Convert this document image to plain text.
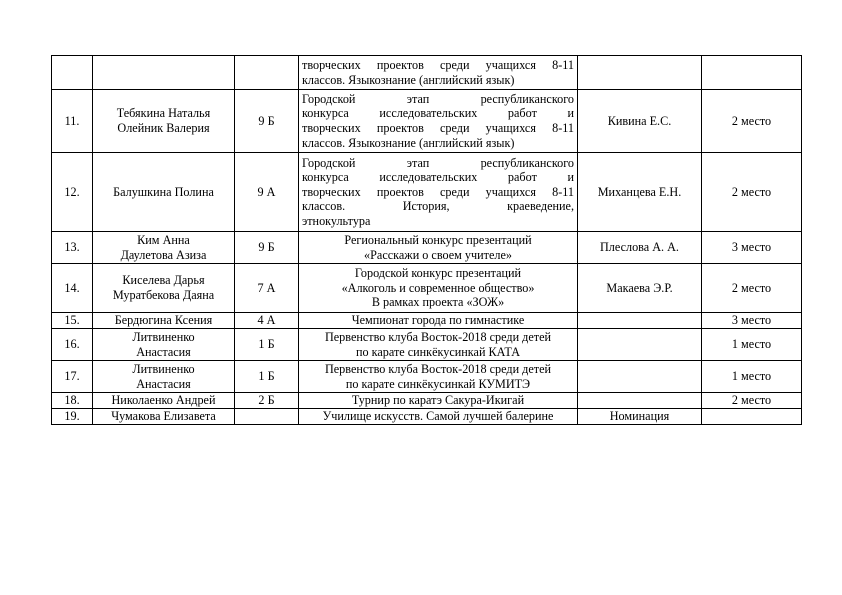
			творческих проектов среди учащихся 8-11
классов. Языкознание (английский язык)		

11.	Тебякина Наталья
Олейник Валерия	9 Б	Городской этап республиканского
конкурса исследовательских работ и
творческих проектов среди учащихся 8-11
классов. Языкознание (английский язык)	Кивина Е.С.	2 место
12.	Балушкина Полина	9 А	Городской этап республиканского
конкурса исследовательских работ и
творческих проектов среди учащихся 8-11
классов. История, краеведение,
этнокультура	Миханцева Е.Н.	2 место
13.	Ким Анна
Даулетова Азиза	9 Б	Региональный конкурс презентаций
«Расскажи о своем учителе»	Плеслова А. А.	3 место
14.	Киселева Дарья
Муратбекова Даяна	7 А	Городской конкурс презентаций
«Алкоголь и современное общество»
В рамках проекта «ЗОЖ»	Макаева Э.Р.	2 место
15.	Бердюгина Ксения	4 А	Чемпионат города по гимнастике		3 место
16.	Литвиненко
Анастасия	1 Б	Первенство клуба Восток-2018 среди детей
по карате синкёкусинкай КАТА		1 место
17.	Литвиненко
Анастасия	1 Б	Первенство клуба Восток-2018 среди детей
по карате синкёкусинкай КУМИТЭ		1 место
18.	Николаенко Андрей	2 Б	Турнир по каратэ Сакура-Икигай		2 место
19.	Чумакова Елизавета		Училище искусств. Самой лучшей балерине	Номинация	
